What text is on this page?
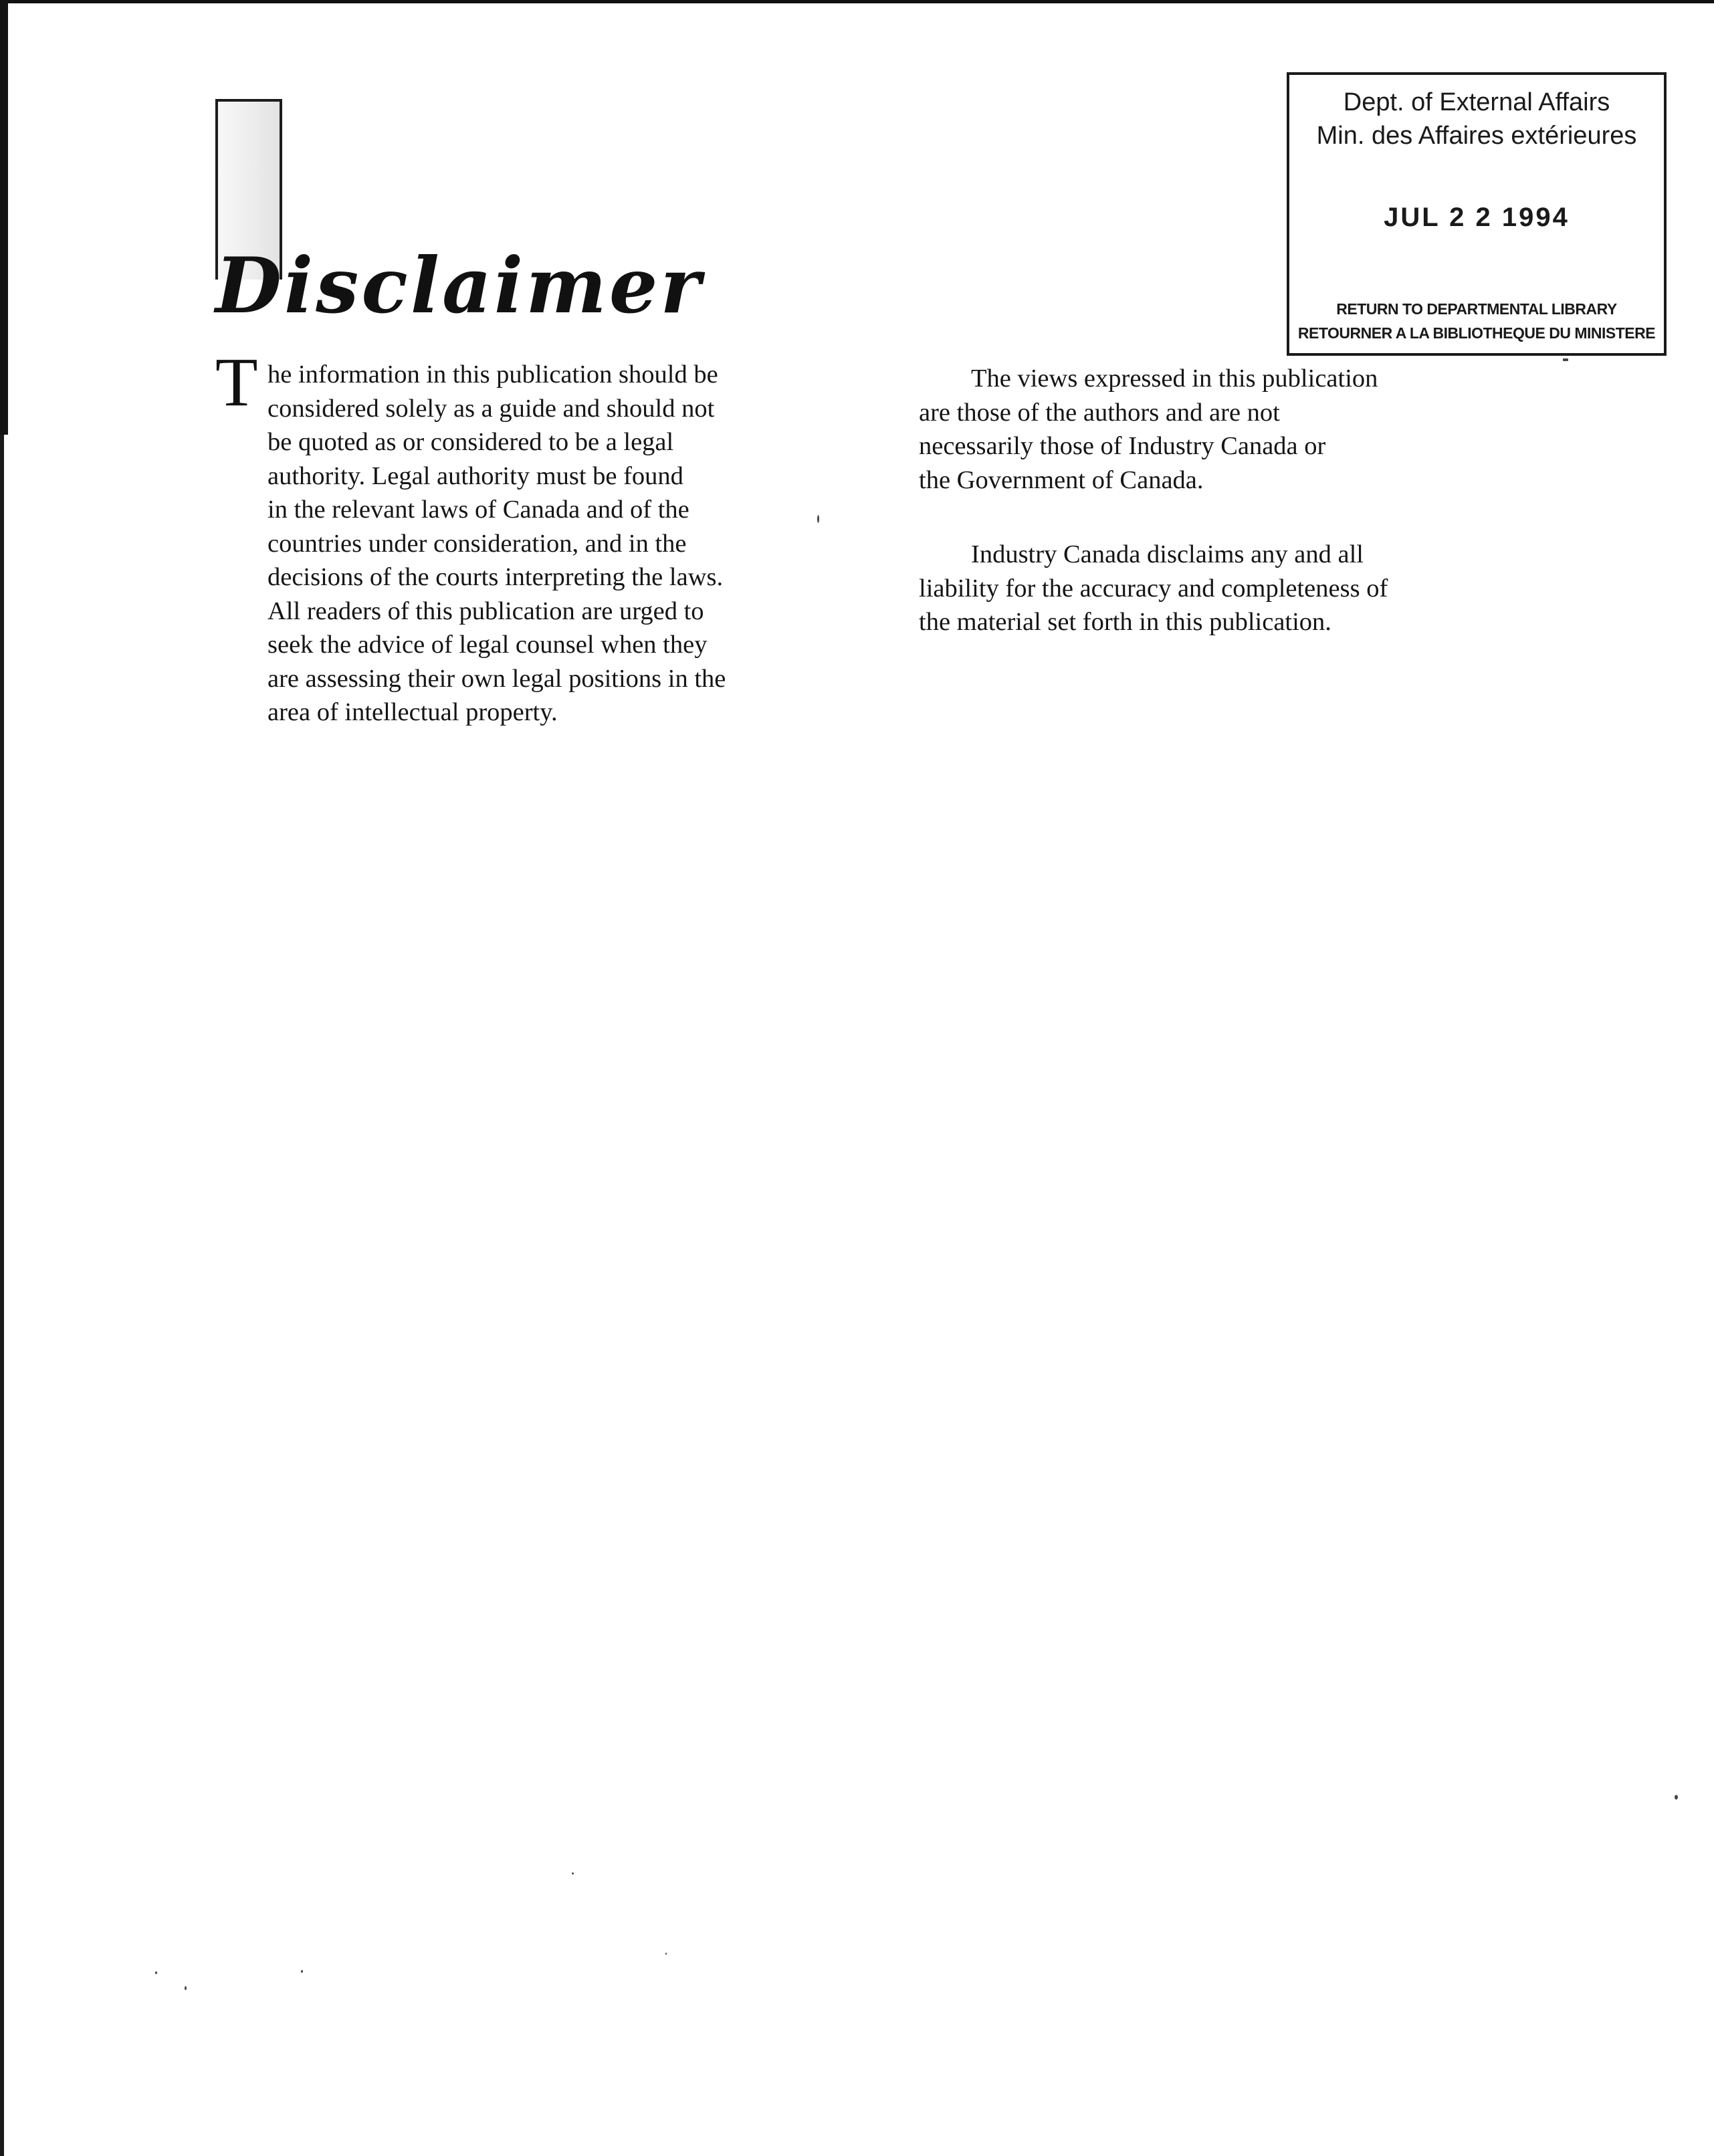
Disclaimer
T he information in this publication should be
considered solely as a guide and should not
be quoted as or considered to be a legal
authority. Legal authority must be found
in the relevant laws of Canada and of the
countries under consideration, and in the
decisions of the courts interpreting the laws.
All readers of this publication are urged to
seek the advice of legal counsel when they
are assessing their own legal positions in the
area of intellectual property.
The views expressed in this publication
are those of the authors and are not
necessarily those of Industry Canada or
the Government of Canada.
Industry Canada disclaims any and all
liability for the accuracy and completeness of
the material set forth in this publication.
Dept. of External Affairs
Min. des Affaires extérieures
JUL 2 2 1994
RETURN TO DEPARTMENTAL LIBRARY
RETOURNER A LA BIBLIOTHEQUE DU MINISTERE
